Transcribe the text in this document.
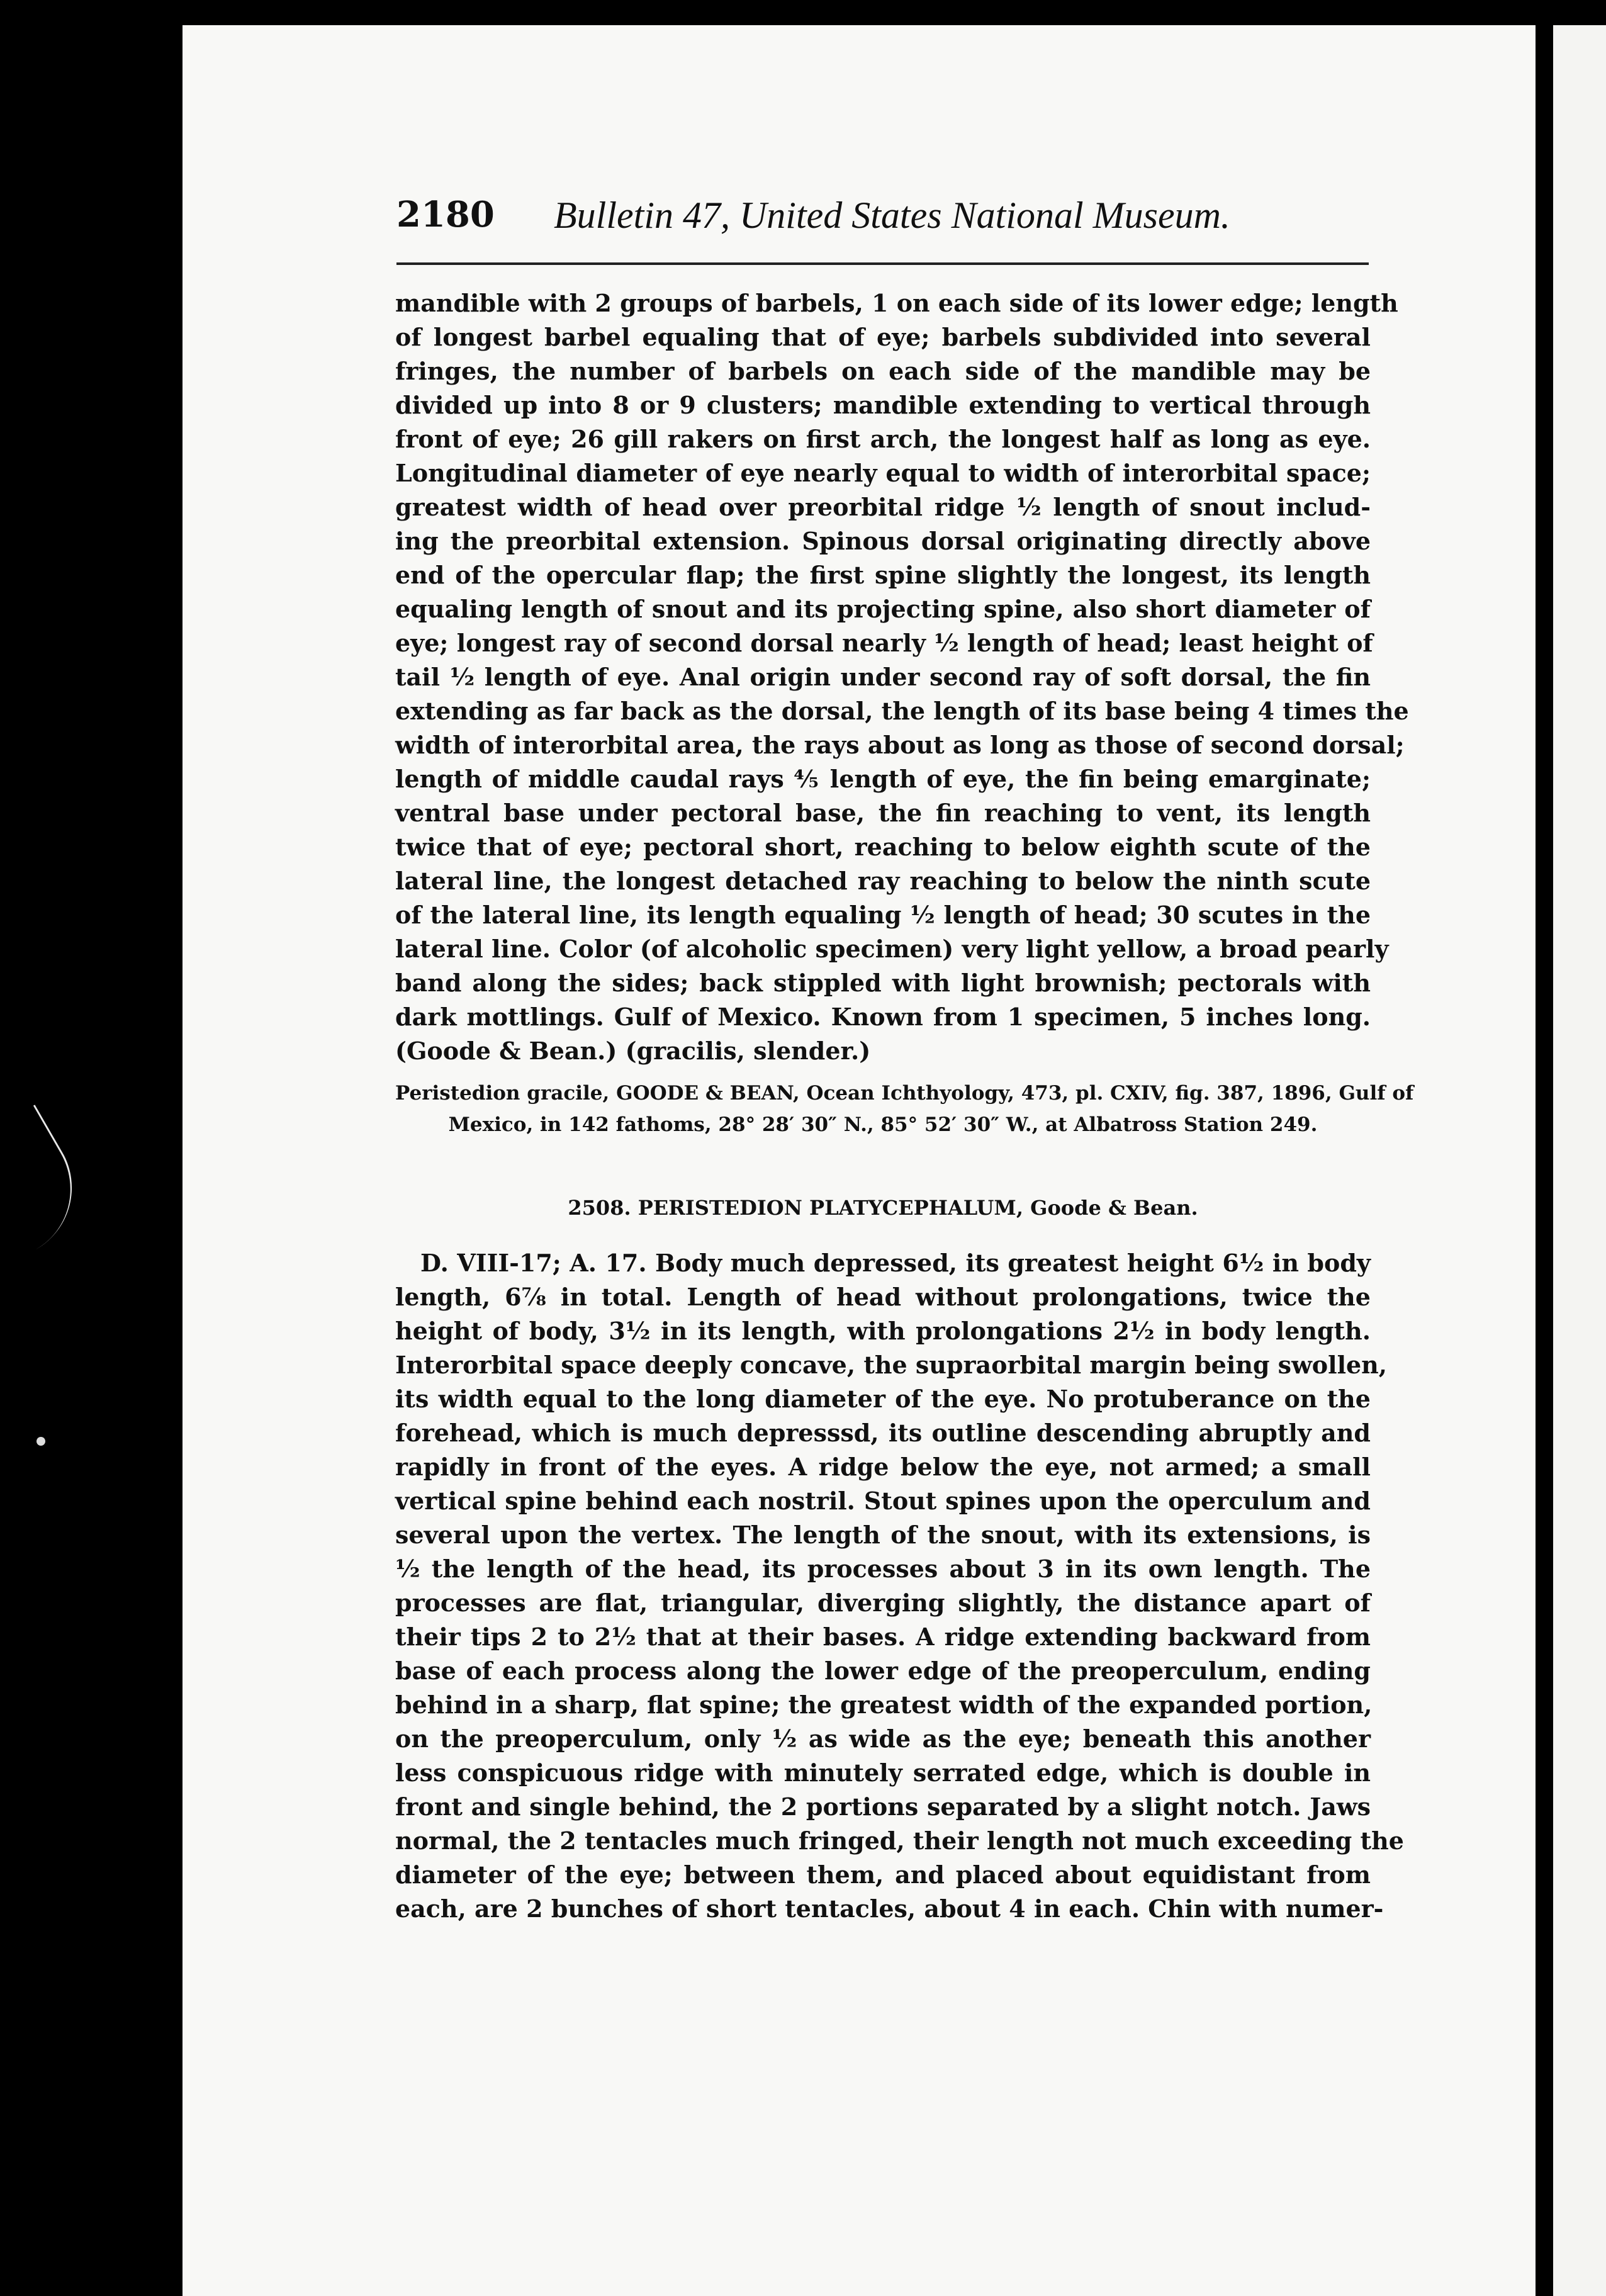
2180 Bulletin 47, United States National Museum.
mandible with 2 groups of barbels, 1 on each side of its lower edge; length
of longest barbel equaling that of eye; barbels subdivided into several
fringes, the number of barbels on each side of the mandible may be
divided up into 8 or 9 clusters; mandible extending to vertical through
front of eye; 26 gill rakers on first arch, the longest half as long as eye.
Longitudinal diameter of eye nearly equal to width of interorbital space;
greatest width of head over preorbital ridge ½ length of snout includ-
ing the preorbital extension. Spinous dorsal originating directly above
end of the opercular flap; the first spine slightly the longest, its length
equaling length of snout and its projecting spine, also short diameter of
eye; longest ray of second dorsal nearly ½ length of head; least height of
tail ½ length of eye. Anal origin under second ray of soft dorsal, the fin
extending as far back as the dorsal, the length of its base being 4 times the
width of interorbital area, the rays about as long as those of second dorsal;
length of middle caudal rays ⅘ length of eye, the fin being emarginate;
ventral base under pectoral base, the fin reaching to vent, its length
twice that of eye; pectoral short, reaching to below eighth scute of the
lateral line, the longest detached ray reaching to below the ninth scute
of the lateral line, its length equaling ½ length of head; 30 scutes in the
lateral line. Color (of alcoholic specimen) very light yellow, a broad pearly
band along the sides; back stippled with light brownish; pectorals with
dark mottlings. Gulf of Mexico. Known from 1 specimen, 5 inches long.
(Goode & Bean.) (gracilis, slender.)
Peristedion gracile, GOODE & BEAN, Ocean Ichthyology, 473, pl. CXIV, fig. 387, 1896, Gulf of
Mexico, in 142 fathoms, 28° 28′ 30″ N., 85° 52′ 30″ W., at Albatross Station 249.
2508. PERISTEDION PLATYCEPHALUM, Goode & Bean.
D. VIII-17; A. 17. Body much depressed, its greatest height 6½ in body
length, 6⅞ in total. Length of head without prolongations, twice the
height of body, 3½ in its length, with prolongations 2½ in body length.
Interorbital space deeply concave, the supraorbital margin being swollen,
its width equal to the long diameter of the eye. No protuberance on the
forehead, which is much depresssd, its outline descending abruptly and
rapidly in front of the eyes. A ridge below the eye, not armed; a small
vertical spine behind each nostril. Stout spines upon the operculum and
several upon the vertex. The length of the snout, with its extensions, is
½ the length of the head, its processes about 3 in its own length. The
processes are flat, triangular, diverging slightly, the distance apart of
their tips 2 to 2½ that at their bases. A ridge extending backward from
base of each process along the lower edge of the preoperculum, ending
behind in a sharp, flat spine; the greatest width of the expanded portion,
on the preoperculum, only ½ as wide as the eye; beneath this another
less conspicuous ridge with minutely serrated edge, which is double in
front and single behind, the 2 portions separated by a slight notch. Jaws
normal, the 2 tentacles much fringed, their length not much exceeding the
diameter of the eye; between them, and placed about equidistant from
each, are 2 bunches of short tentacles, about 4 in each. Chin with numer-
